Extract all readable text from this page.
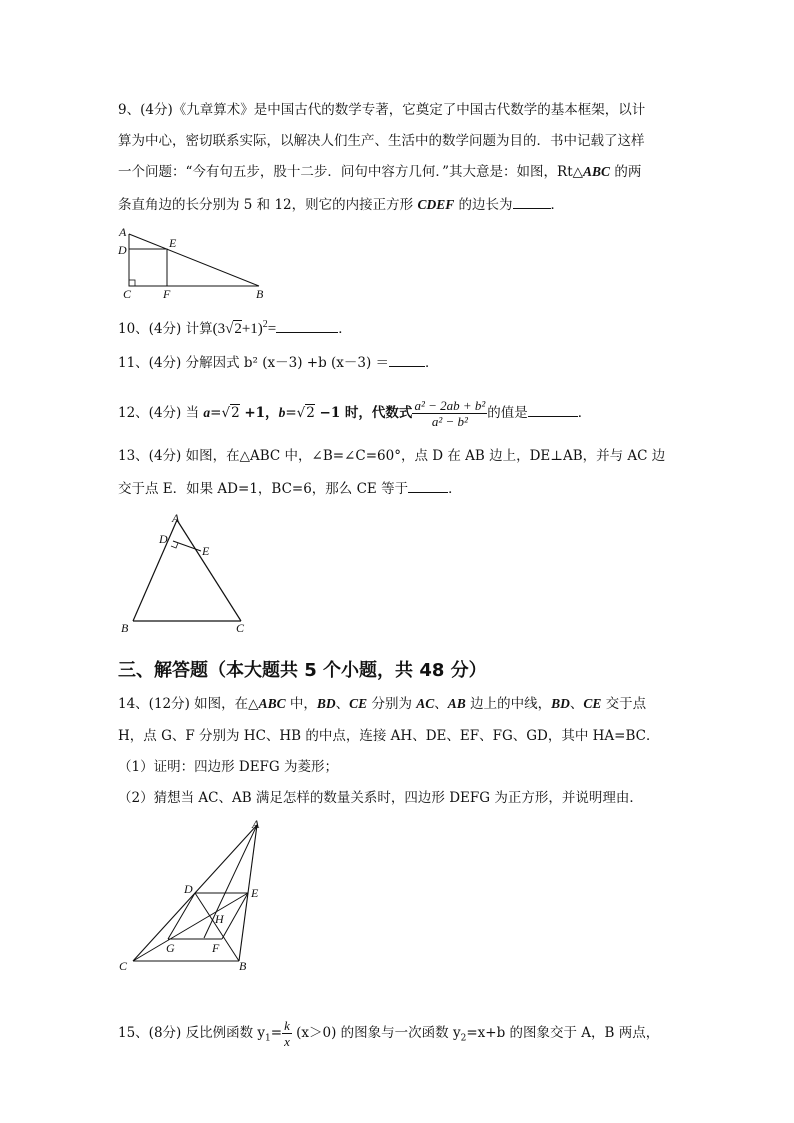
9、(4分)《九章算术》是中国古代的数学专著，它奠定了中国古代数学的基本框架，以计
算为中心，密切联系实际，以解决人们生产、生活中的数学问题为目的．书中记载了这样
一个问题：“今有句五步，股十二步．问句中容方几何．”其大意是：如图，Rt△ABC 的两
条直角边的长分别为 5 和 12，则它的内接正方形 CDEF 的边长为	．
A
D	E
C	F	B
10、(4分) 计算$(3√2+1)^2=$	．
11、(4分) 分解因式 b² (x－3) +b (x－3) ＝	．
12、(4分) 当 a=√2 +1，b=√2 −1 时，代数式 $\frac{\text{a² − 2ab + b²}}{\text{a² − b²}}$ 的值是	．
13、(4分) 如图，在△ABC 中，∠B=∠C=60°，点 D 在 AB 边上，DE⊥AB，并与 AC 边
交于点 E．如果 AD=1，BC=6，那么 CE 等于	．
A
D
E
B	C
三、解答题（本大题共 5 个小题，共 48 分）
14、(12分) 如图，在△ABC 中，BD、CE 分别为 AC、AB 边上的中线，BD、CE 交于点
H，点 G、F 分别为 HC、HB 的中点，连接 AH、DE、EF、FG、GD，其中 HA=BC．
（1）证明：四边形 DEFG 为菱形；
（2）猜想当 AC、AB 满足怎样的数量关系时，四边形 DEFG 为正方形，并说明理由．
A
D	E
H
G	F
C	B
15、(8分) 反比例函数 $y_1= \frac{k}{x} (x>0)$ 的图象与一次函数 $y_2=x+b$ 的图象交于 A，B 两点，
